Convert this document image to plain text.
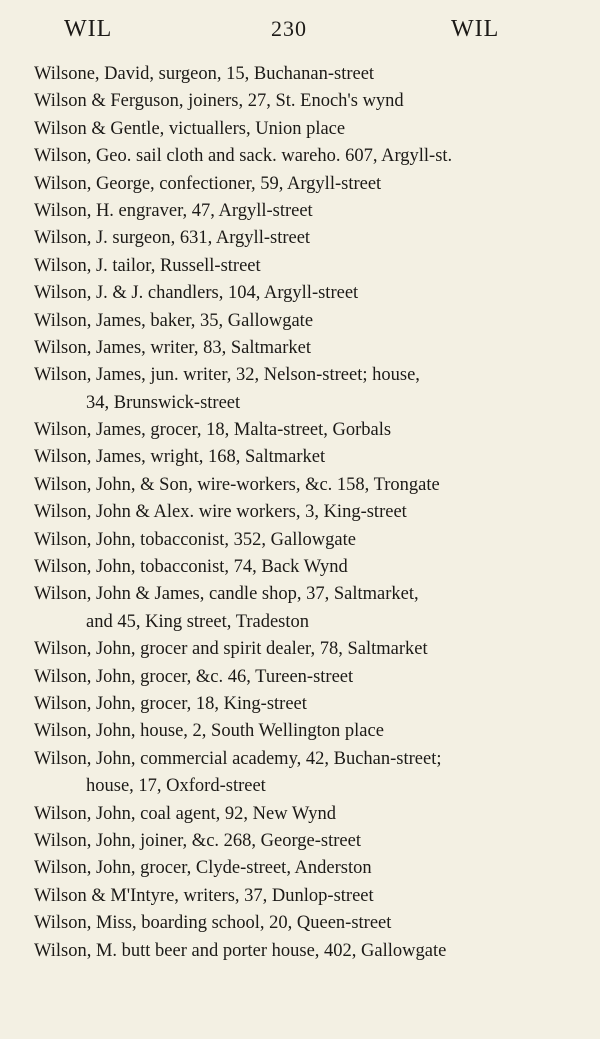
WIL	230	WIL
Wilsone, David, surgeon, 15, Buchanan-street
Wilson & Ferguson, joiners, 27, St. Enoch's wynd
Wilson & Gentle, victuallers, Union place
Wilson, Geo. sail cloth and sack. wareho. 607, Argyll-st.
Wilson, George, confectioner, 59, Argyll-street
Wilson, H. engraver, 47, Argyll-street
Wilson, J. surgeon, 631, Argyll-street
Wilson, J. tailor, Russell-street
Wilson, J. & J. chandlers, 104, Argyll-street
Wilson, James, baker, 35, Gallowgate
Wilson, James, writer, 83, Saltmarket
Wilson, James, jun. writer, 32, Nelson-street; house,
34, Brunswick-street
Wilson, James, grocer, 18, Malta-street, Gorbals
Wilson, James, wright, 168, Saltmarket
Wilson, John, & Son, wire-workers, &c. 158, Trongate
Wilson, John & Alex. wire workers, 3, King-street
Wilson, John, tobacconist, 352, Gallowgate
Wilson, John, tobacconist, 74, Back Wynd
Wilson, John & James, candle shop, 37, Saltmarket,
and 45, King street, Tradeston
Wilson, John, grocer and spirit dealer, 78, Saltmarket
Wilson, John, grocer, &c. 46, Tureen-street
Wilson, John, grocer, 18, King-street
Wilson, John, house, 2, South Wellington place
Wilson, John, commercial academy, 42, Buchan-street;
house, 17, Oxford-street
Wilson, John, coal agent, 92, New Wynd
Wilson, John, joiner, &c. 268, George-street
Wilson, John, grocer, Clyde-street, Anderston
Wilson & M'Intyre, writers, 37, Dunlop-street
Wilson, Miss, boarding school, 20, Queen-street
Wilson, M. butt beer and porter house, 402, Gallowgate
